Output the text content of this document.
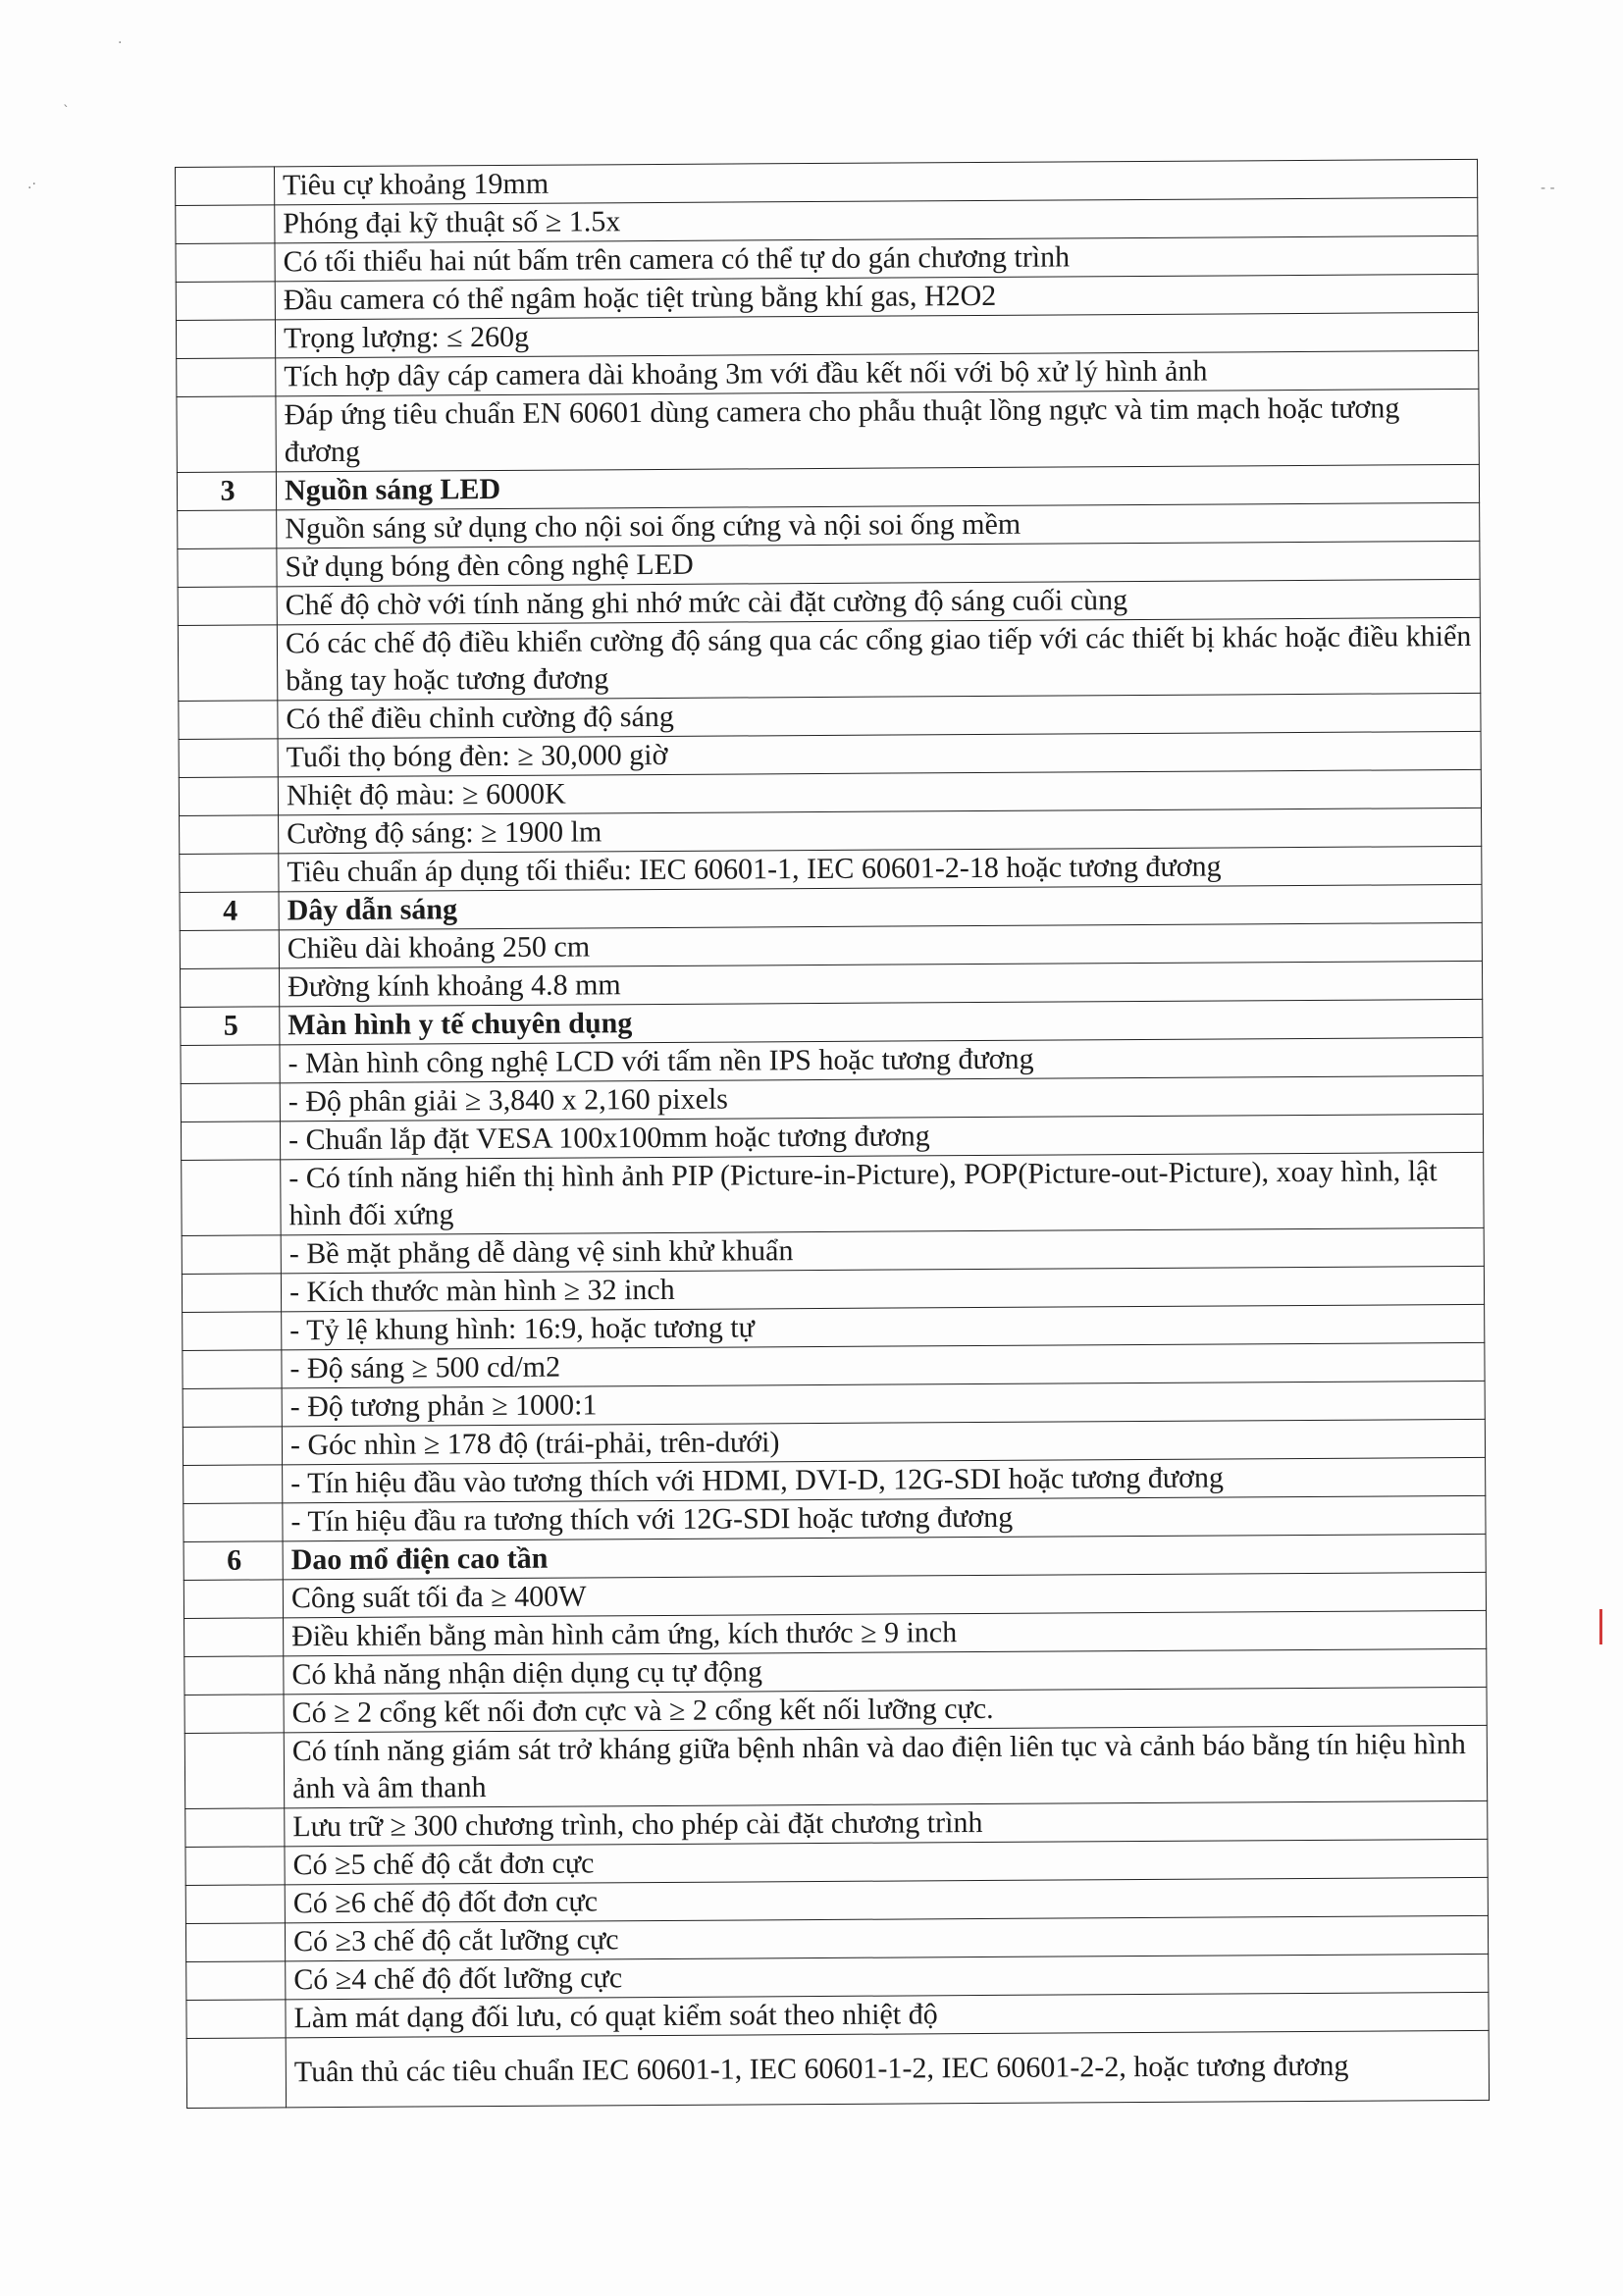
·
`
.·	- -
	Tiêu cự khoảng 19mm
	Phóng đại kỹ thuật số ≥ 1.5x
	Có tối thiểu hai nút bấm trên camera có thể tự do gán chương trình
	Đầu camera có thể ngâm hoặc tiệt trùng bằng khí gas, H2O2
	Trọng lượng: ≤ 260g
	Tích hợp dây cáp camera dài khoảng 3m với đầu kết nối với bộ xử lý hình ảnh
	Đáp ứng tiêu chuẩn EN 60601 dùng camera cho phẫu thuật lồng ngực và tim mạch hoặc tương đương
3	Nguồn sáng LED
	Nguồn sáng sử dụng cho nội soi ống cứng và nội soi ống mềm
	Sử dụng bóng đèn công nghệ LED
	Chế độ chờ với tính năng ghi nhớ mức cài đặt cường độ sáng cuối cùng
	Có các chế độ điều khiển cường độ sáng qua các cổng giao tiếp với các thiết bị khác hoặc điều khiển bằng tay hoặc tương đương
	Có thể điều chỉnh cường độ sáng
	Tuổi thọ bóng đèn: ≥ 30,000 giờ
	Nhiệt độ màu: ≥ 6000K
	Cường độ sáng: ≥ 1900 lm
	Tiêu chuẩn áp dụng tối thiểu: IEC 60601-1, IEC 60601-2-18 hoặc tương đương
4	Dây dẫn sáng
	Chiều dài khoảng 250 cm
	Đường kính khoảng 4.8 mm
5	Màn hình y tế chuyên dụng
	- Màn hình công nghệ LCD với tấm nền IPS hoặc tương đương
	- Độ phân giải ≥ 3,840 x 2,160 pixels
	- Chuẩn lắp đặt VESA 100x100mm hoặc tương đương
	- Có tính năng hiển thị hình ảnh PIP (Picture-in-Picture), POP(Picture-out-Picture), xoay hình, lật hình đối xứng
	- Bề mặt phẳng dễ dàng vệ sinh khử khuẩn
	- Kích thước màn hình ≥ 32 inch
	- Tỷ lệ khung hình: 16:9, hoặc tương tự
	- Độ sáng ≥ 500 cd/m2
	- Độ tương phản ≥ 1000:1
	- Góc nhìn ≥ 178 độ (trái-phải, trên-dưới)
	- Tín hiệu đầu vào tương thích với HDMI, DVI-D, 12G-SDI hoặc tương đương
	- Tín hiệu đầu ra tương thích với 12G-SDI hoặc tương đương
6	Dao mổ điện cao tần
	Công suất tối đa ≥ 400W
	Điều khiển bằng màn hình cảm ứng, kích thước ≥ 9 inch
	Có khả năng nhận diện dụng cụ tự động
	Có ≥ 2 cổng kết nối đơn cực và ≥ 2 cổng kết nối lưỡng cực.
	Có tính năng giám sát trở kháng giữa bệnh nhân và dao điện liên tục và cảnh báo bằng tín hiệu hình ảnh và âm thanh
	Lưu trữ ≥ 300 chương trình, cho phép cài đặt chương trình
	Có ≥5 chế độ cắt đơn cực
	Có ≥6 chế độ đốt đơn cực
	Có ≥3 chế độ cắt lưỡng cực
	Có ≥4 chế độ đốt lưỡng cực
	Làm mát dạng đối lưu, có quạt kiểm soát theo nhiệt độ
	Tuân thủ các tiêu chuẩn IEC 60601-1, IEC 60601-1-2, IEC 60601-2-2, hoặc tương đương
